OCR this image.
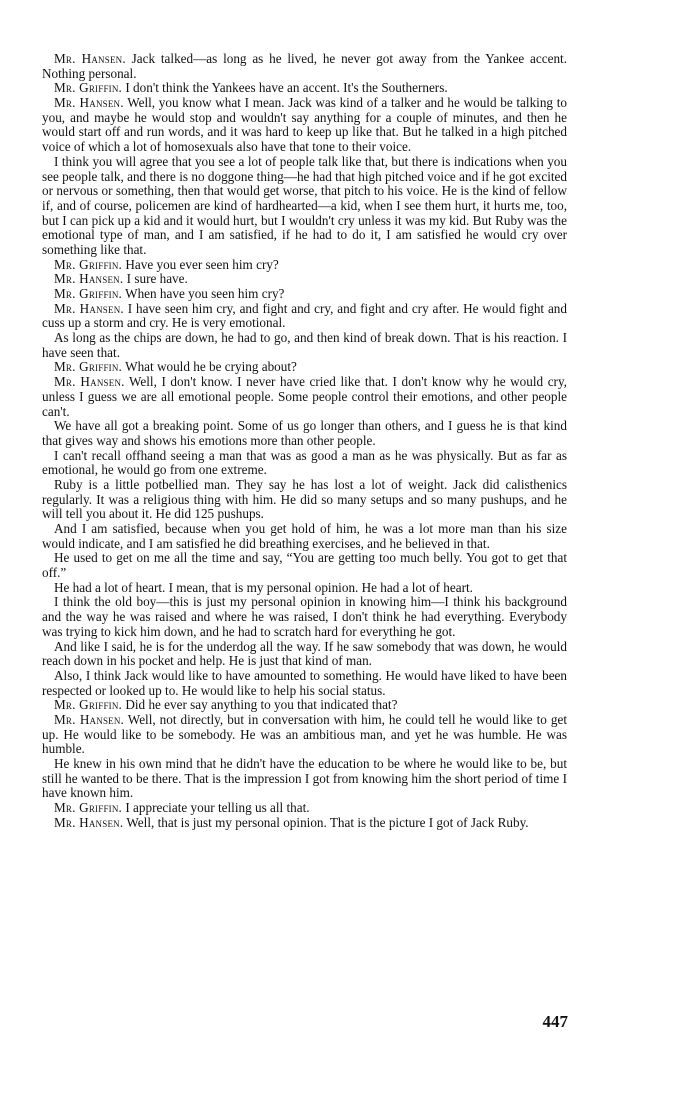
Mr. Hansen. Jack talked—as long as he lived, he never got away from the Yankee accent. Nothing personal.

Mr. Griffin. I don't think the Yankees have an accent. It's the Southerners.

Mr. Hansen. Well, you know what I mean. Jack was kind of a talker and he would be talking to you, and maybe he would stop and wouldn't say anything for a couple of minutes, and then he would start off and run words, and it was hard to keep up like that. But he talked in a high pitched voice of which a lot of homosexuals also have that tone to their voice.

I think you will agree that you see a lot of people talk like that, but there is indications when you see people talk, and there is no doggone thing—he had that high pitched voice and if he got excited or nervous or something, then that would get worse, that pitch to his voice. He is the kind of fellow if, and of course, policemen are kind of hardhearted—a kid, when I see them hurt, it hurts me, too, but I can pick up a kid and it would hurt, but I wouldn't cry unless it was my kid. But Ruby was the emotional type of man, and I am satisfied, if he had to do it, I am satisfied he would cry over something like that.

Mr. Griffin. Have you ever seen him cry?

Mr. Hansen. I sure have.

Mr. Griffin. When have you seen him cry?

Mr. Hansen. I have seen him cry, and fight and cry, and fight and cry after. He would fight and cuss up a storm and cry. He is very emotional.

As long as the chips are down, he had to go, and then kind of break down. That is his reaction. I have seen that.

Mr. Griffin. What would he be crying about?

Mr. Hansen. Well, I don't know. I never have cried like that. I don't know why he would cry, unless I guess we are all emotional people. Some people control their emotions, and other people can't.

We have all got a breaking point. Some of us go longer than others, and I guess he is that kind that gives way and shows his emotions more than other people.

I can't recall offhand seeing a man that was as good a man as he was physically. But as far as emotional, he would go from one extreme.

Ruby is a little potbellied man. They say he has lost a lot of weight. Jack did calisthenics regularly. It was a religious thing with him. He did so many setups and so many pushups, and he will tell you about it. He did 125 pushups.

And I am satisfied, because when you get hold of him, he was a lot more man than his size would indicate, and I am satisfied he did breathing exercises, and he believed in that.

He used to get on me all the time and say, “You are getting too much belly. You got to get that off.”

He had a lot of heart. I mean, that is my personal opinion. He had a lot of heart.

I think the old boy—this is just my personal opinion in knowing him—I think his background and the way he was raised and where he was raised, I don't think he had everything. Everybody was trying to kick him down, and he had to scratch hard for everything he got.

And like I said, he is for the underdog all the way. If he saw somebody that was down, he would reach down in his pocket and help. He is just that kind of man.

Also, I think Jack would like to have amounted to something. He would have liked to have been respected or looked up to. He would like to help his social status.

Mr. Griffin. Did he ever say anything to you that indicated that?

Mr. Hansen. Well, not directly, but in conversation with him, he could tell he would like to get up. He would like to be somebody. He was an ambitious man, and yet he was humble. He was humble.

He knew in his own mind that he didn't have the education to be where he would like to be, but still he wanted to be there. That is the impression I got from knowing him the short period of time I have known him.

Mr. Griffin. I appreciate your telling us all that.

Mr. Hansen. Well, that is just my personal opinion. That is the picture I got of Jack Ruby.

447
